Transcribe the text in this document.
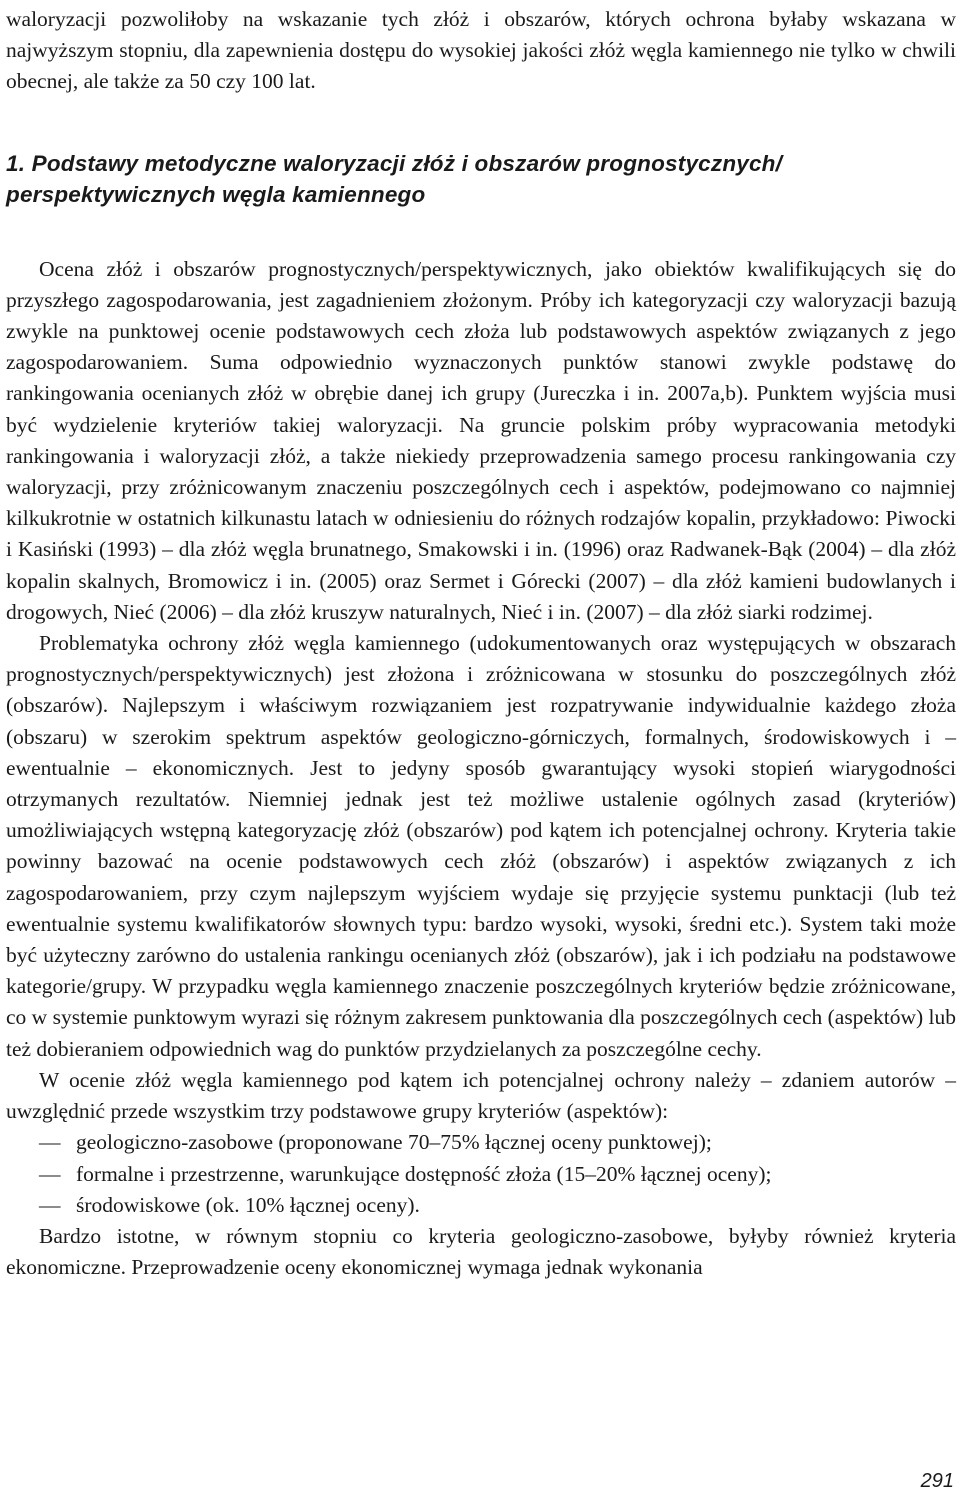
waloryzacji pozwoliłoby na wskazanie tych złóż i obszarów, których ochrona byłaby wskazana w najwyższym stopniu, dla zapewnienia dostępu do wysokiej jakości złóż węgla kamiennego nie tylko w chwili obecnej, ale także za 50 czy 100 lat.

1. Podstawy metodyczne waloryzacji złóż i obszarów prognostycznych/ perspektywicznych węgla kamiennego

Ocena złóż i obszarów prognostycznych/perspektywicznych, jako obiektów kwalifikujących się do przyszłego zagospodarowania, jest zagadnieniem złożonym. Próby ich kategoryzacji czy waloryzacji bazują zwykle na punktowej ocenie podstawowych cech złoża lub podstawowych aspektów związanych z jego zagospodarowaniem. Suma odpowiednio wyznaczonych punktów stanowi zwykle podstawę do rankingowania ocenianych złóż w obrębie danej ich grupy (Jureczka i in. 2007a,b). Punktem wyjścia musi być wydzielenie kryteriów takiej waloryzacji. Na gruncie polskim próby wypracowania metodyki rankingowania i waloryzacji złóż, a także niekiedy przeprowadzenia samego procesu rankingowania czy waloryzacji, przy zróżnicowanym znaczeniu poszczególnych cech i aspektów, podejmowano co najmniej kilkukrotnie w ostatnich kilkunastu latach w odniesieniu do różnych rodzajów kopalin, przykładowo: Piwocki i Kasiński (1993) – dla złóż węgla brunatnego, Smakowski i in. (1996) oraz Radwanek-Bąk (2004) – dla złóż kopalin skalnych, Bromowicz i in. (2005) oraz Sermet i Górecki (2007) – dla złóż kamieni budowlanych i drogowych, Nieć (2006) – dla złóż kruszyw naturalnych, Nieć i in. (2007) – dla złóż siarki rodzimej.

Problematyka ochrony złóż węgla kamiennego (udokumentowanych oraz występujących w obszarach prognostycznych/perspektywicznych) jest złożona i zróżnicowana w stosunku do poszczególnych złóż (obszarów). Najlepszym i właściwym rozwiązaniem jest rozpatrywanie indywidualnie każdego złoża (obszaru) w szerokim spektrum aspektów geologiczno-górniczych, formalnych, środowiskowych i – ewentualnie – ekonomicznych. Jest to jedyny sposób gwarantujący wysoki stopień wiarygodności otrzymanych rezultatów. Niemniej jednak jest też możliwe ustalenie ogólnych zasad (kryteriów) umożliwiających wstępną kategoryzację złóż (obszarów) pod kątem ich potencjalnej ochrony. Kryteria takie powinny bazować na ocenie podstawowych cech złóż (obszarów) i aspektów związanych z ich zagospodarowaniem, przy czym najlepszym wyjściem wydaje się przyjęcie systemu punktacji (lub też ewentualnie systemu kwalifikatorów słownych typu: bardzo wysoki, wysoki, średni etc.). System taki może być użyteczny zarówno do ustalenia rankingu ocenianych złóż (obszarów), jak i ich podziału na podstawowe kategorie/grupy. W przypadku węgla kamiennego znaczenie poszczególnych kryteriów będzie zróżnicowane, co w systemie punktowym wyrazi się różnym zakresem punktowania dla poszczególnych cech (aspektów) lub też dobieraniem odpowiednich wag do punktów przydzielanych za poszczególne cechy.

W ocenie złóż węgla kamiennego pod kątem ich potencjalnej ochrony należy – zdaniem autorów – uwzględnić przede wszystkim trzy podstawowe grupy kryteriów (aspektów):

— geologiczno-zasobowe (proponowane 70–75% łącznej oceny punktowej);
— formalne i przestrzenne, warunkujące dostępność złoża (15–20% łącznej oceny);
— środowiskowe (ok. 10% łącznej oceny).

Bardzo istotne, w równym stopniu co kryteria geologiczno-zasobowe, byłyby również kryteria ekonomiczne. Przeprowadzenie oceny ekonomicznej wymaga jednak wykonania

291
